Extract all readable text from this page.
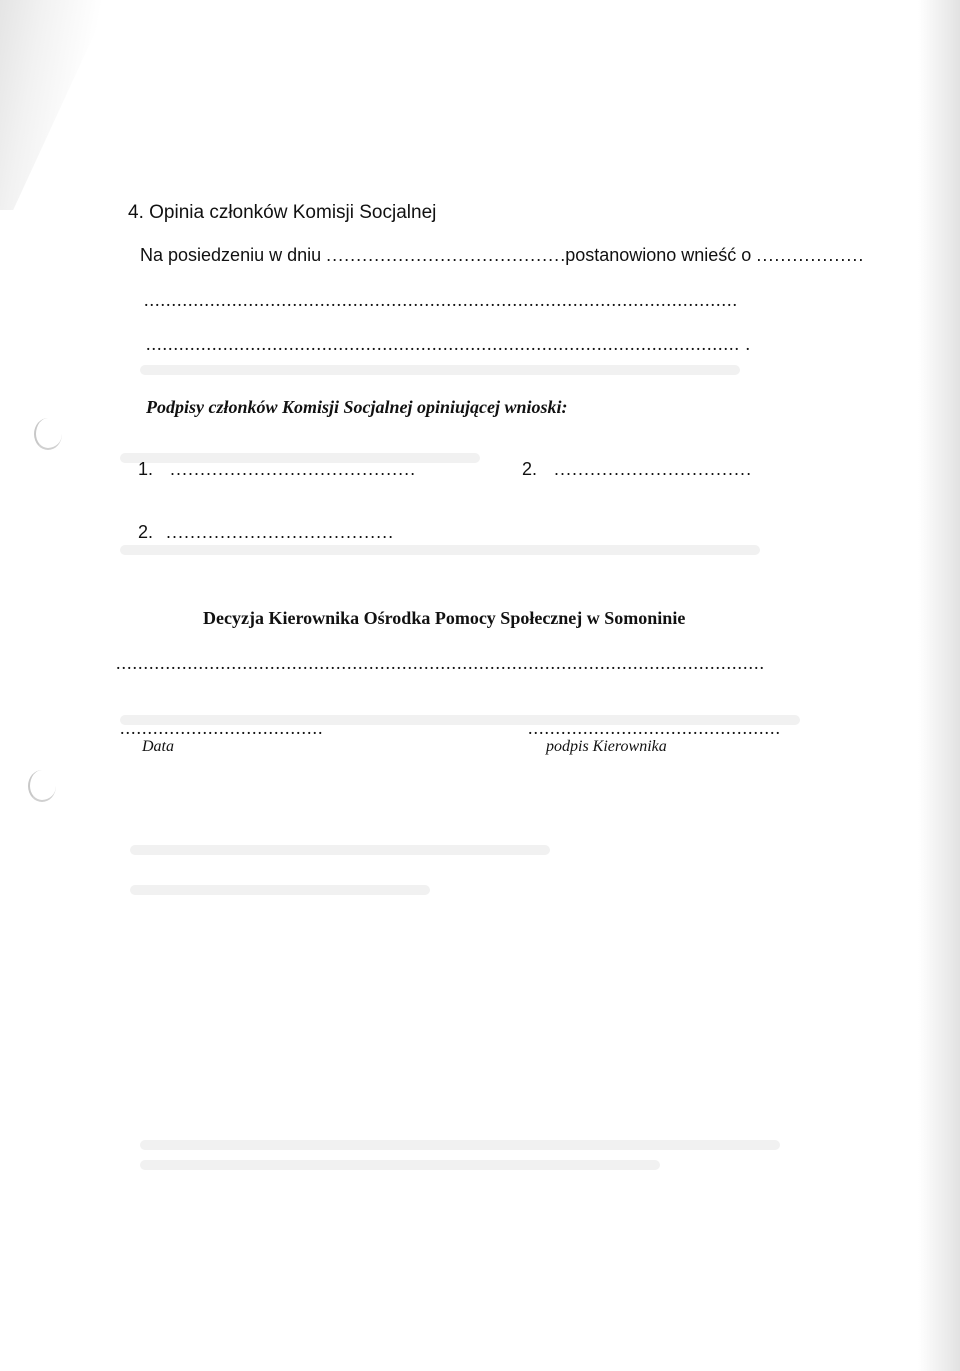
4. Opinia członków Komisji Socjalnej
Na posiedzeniu w dniu ........................................postanowiono wnieść o ..................
............................................................................................................
............................................................................................................ .
Podpisy członków Komisji Socjalnej opiniującej wnioski:
1. .........................................	2. .................................
2. ......................................
Decyzja Kierownika Ośrodka Pomocy Społecznej w Somoninie
......................................................................................................................
.....................................
Data
..............................................
podpis Kierownika
